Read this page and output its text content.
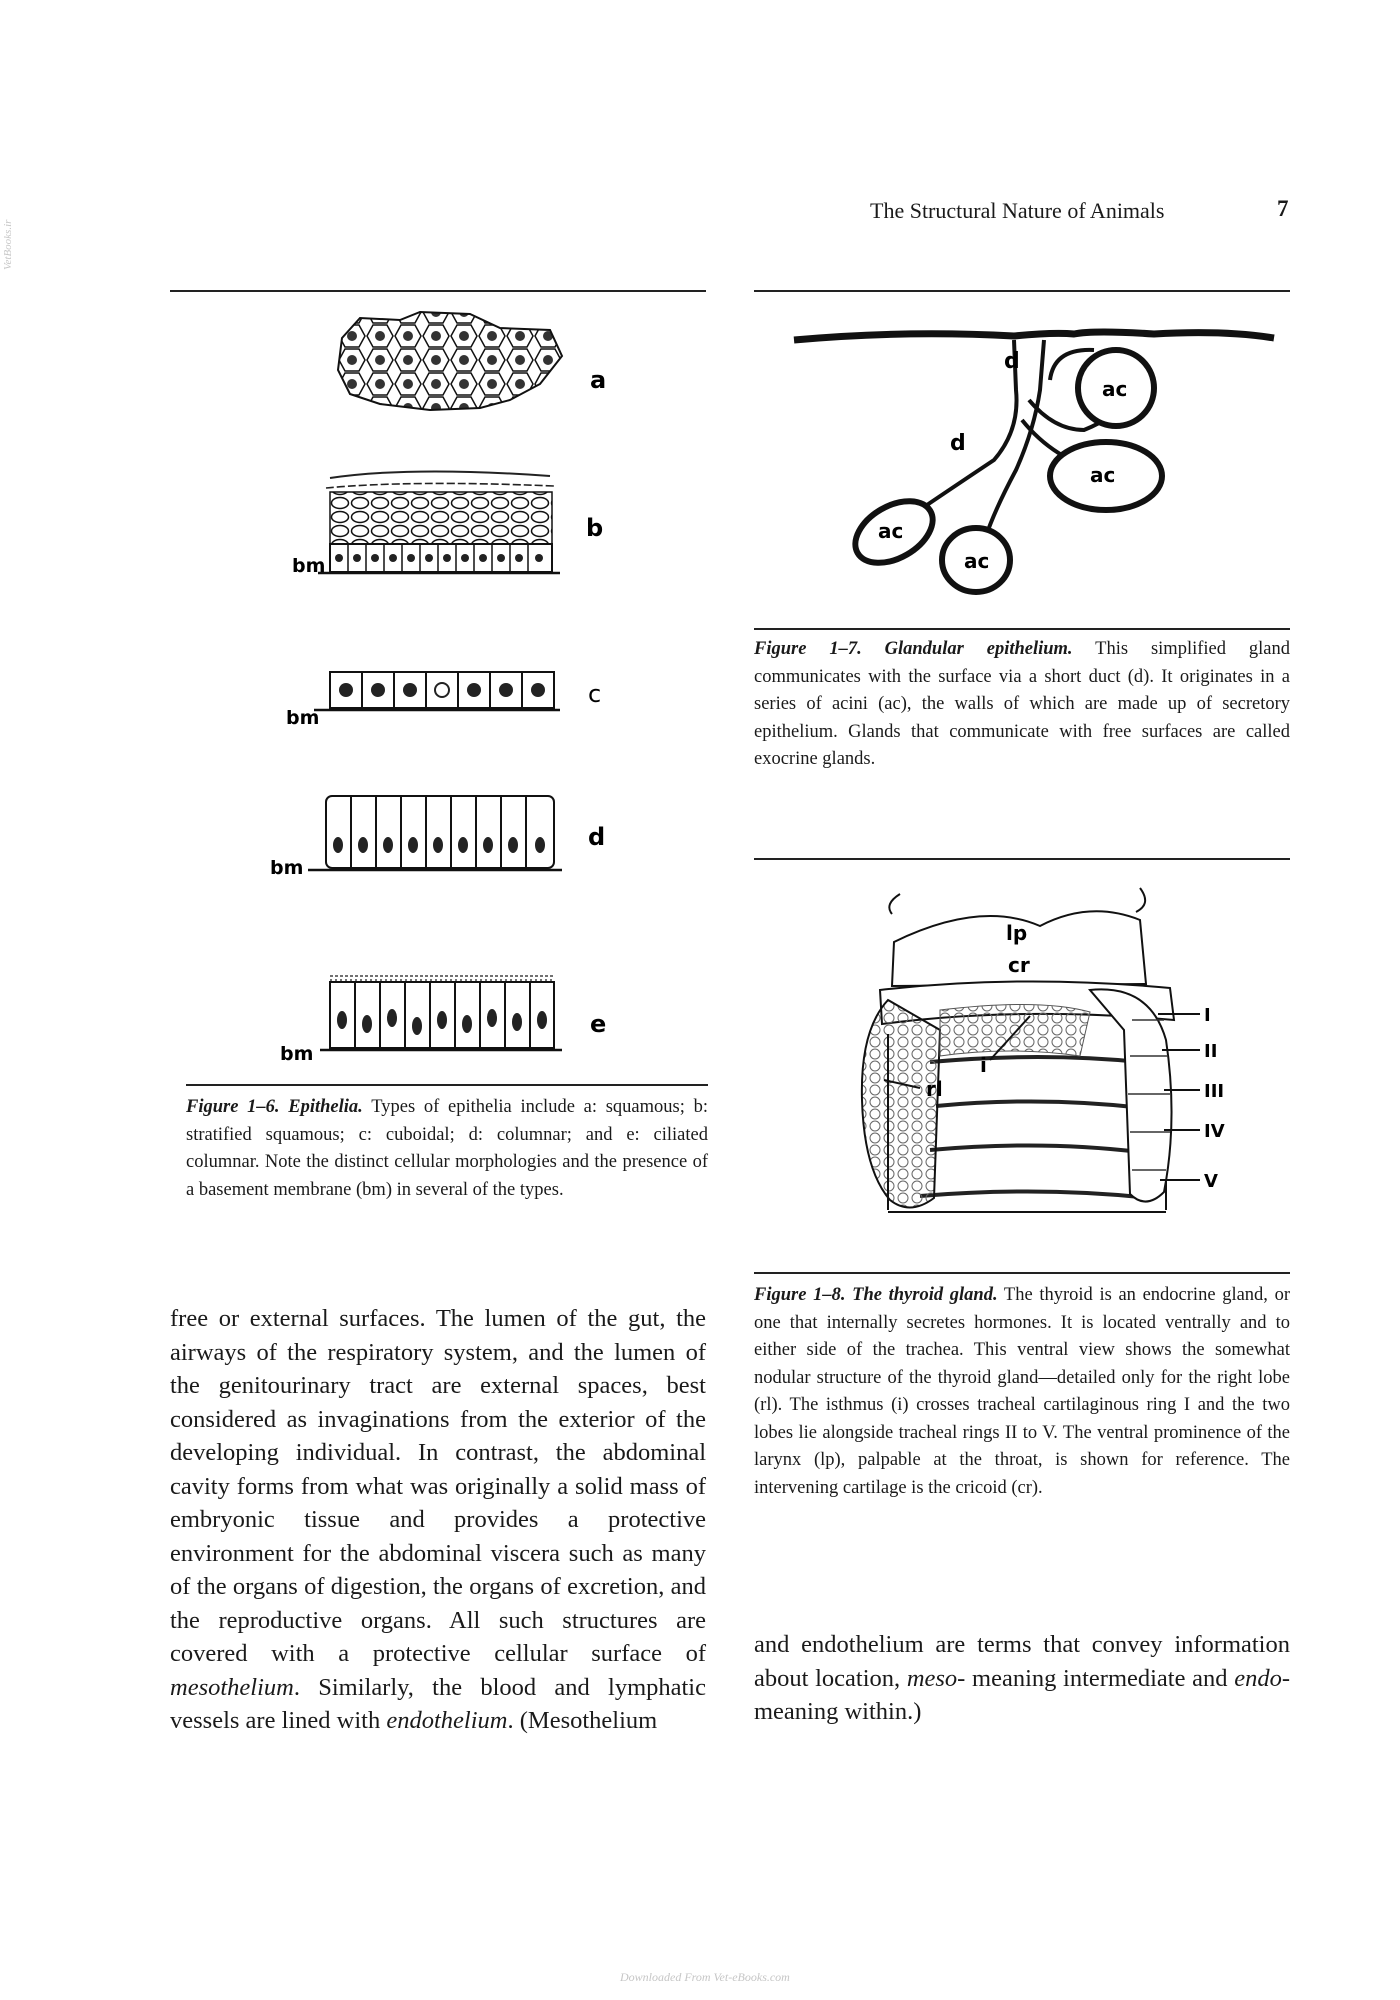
VetBooks.ir
The Structural Nature of Animals	7
a
b
bm
c
bm
d
bm
e
bm
Figure 1–6. Epithelia. Types of epithelia include a: squamous; b: stratified squamous; c: cuboidal; d: columnar; and e: ciliated columnar. Note the distinct cellular morphologies and the presence of a basement membrane (bm) in several of the types.
d
d
ac
ac
ac
ac
Figure 1–7. Glandular epithelium. This simplified gland communicates with the surface via a short duct (d). It originates in a series of acini (ac), the walls of which are made up of secretory epithelium. Glands that communicate with free surfaces are called exocrine glands.
lp
cr
i
rl
I
II
III
IV
V
Figure 1–8. The thyroid gland. The thyroid is an endocrine gland, or one that internally secretes hormones. It is located ventrally and to either side of the trachea. This ventral view shows the somewhat nodular structure of the thyroid gland—detailed only for the right lobe (rl). The isthmus (i) crosses tracheal cartilaginous ring I and the two lobes lie alongside tracheal rings II to V. The ventral prominence of the larynx (lp), palpable at the throat, is shown for reference. The intervening cartilage is the cricoid (cr).
free or external surfaces. The lumen of the gut, the airways of the respiratory system, and the lumen of the genitourinary tract are external spaces, best considered as invaginations from the exterior of the developing individual. In contrast, the abdominal cavity forms from what was originally a solid mass of embryonic tissue and provides a protective environment for the abdominal viscera such as many of the organs of digestion, the organs of excretion, and the reproductive organs. All such structures are covered with a protective cellular surface of mesothelium. Similarly, the blood and lymphatic vessels are lined with endothelium. (Mesothelium
and endothelium are terms that convey information about location, meso- meaning intermediate and endo- meaning within.)
Downloaded From Vet-eBooks.com
